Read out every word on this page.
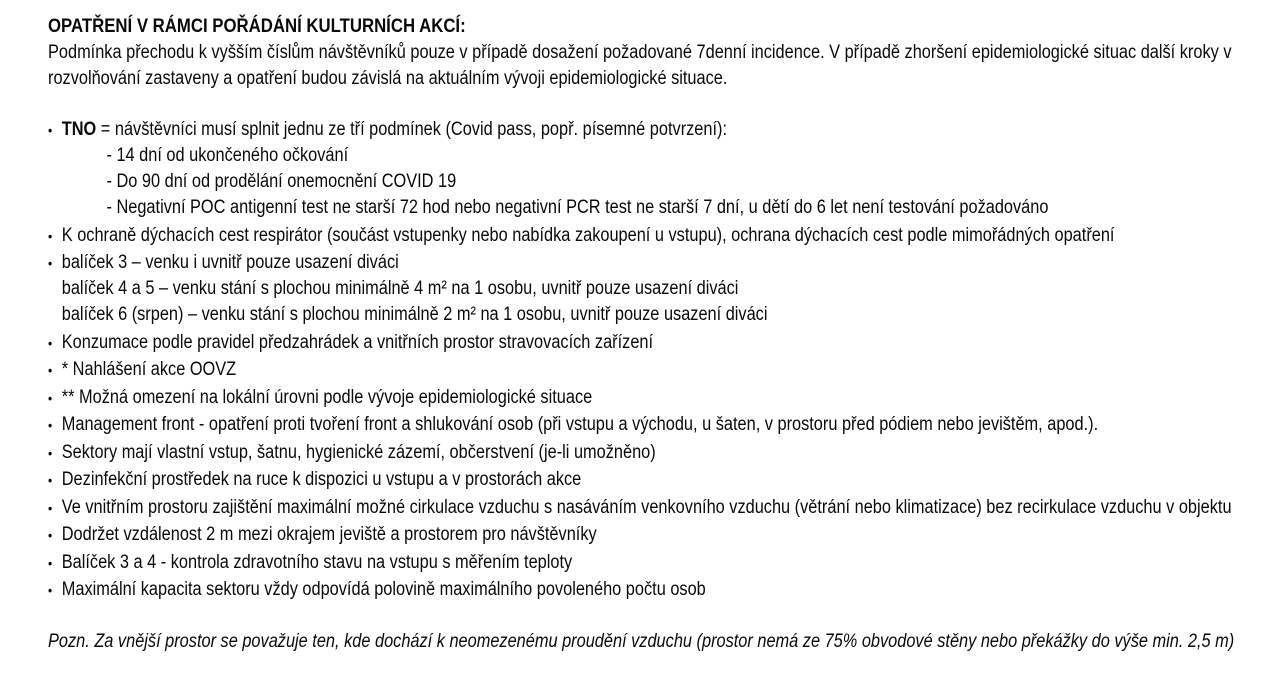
OPATŘENÍ V RÁMCI POŘÁDÁNÍ KULTURNÍCH AKCÍ:

Podmínka přechodu k vyšším číslům návštěvníků pouze v případě dosažení požadované 7denní incidence. V případě zhoršení epidemiologické situac další kroky v rozvolňování zastaveny a opatření budou závislá na aktuálním vývoji epidemiologické situace.

• TNO = návštěvníci musí splnit jednu ze tří podmínek (Covid pass, popř. písemné potvrzení):
- 14 dní od ukončeného očkování
- Do 90 dní od prodělání onemocnění COVID 19
- Negativní POC antigenní test ne starší 72 hod nebo negativní PCR test ne starší 7 dní, u dětí do 6 let není testování požadováno
• K ochraně dýchacích cest respirátor (součást vstupenky nebo nabídka zakoupení u vstupu), ochrana dýchacích cest podle mimořádných opatření
• balíček 3 – venku i uvnitř pouze usazení diváci
balíček 4 a 5 – venku stání s plochou minimálně 4 m² na 1 osobu, uvnitř pouze usazení diváci
balíček 6 (srpen) – venku stání s plochou minimálně 2 m² na 1 osobu, uvnitř pouze usazení diváci
• Konzumace podle pravidel předzahrádek a vnitřních prostor stravovacích zařízení
• * Nahlášení akce OOVZ
• ** Možná omezení na lokální úrovni podle vývoje epidemiologické situace
• Management front - opatření proti tvoření front a shlukování osob (při vstupu a východu, u šaten, v prostoru před pódiem nebo jevištěm, apod.).
• Sektory mají vlastní vstup, šatnu, hygienické zázemí, občerstvení (je-li umožněno)
• Dezinfekční prostředek na ruce k dispozici u vstupu a v prostorách akce
• Ve vnitřním prostoru zajištění maximální možné cirkulace vzduchu s nasáváním venkovního vzduchu (větrání nebo klimatizace) bez recirkulace vzduchu v objektu
• Dodržet vzdálenost 2 m mezi okrajem jeviště a prostorem pro návštěvníky
• Balíček 3 a 4 - kontrola zdravotního stavu na vstupu s měřením teploty
• Maximální kapacita sektoru vždy odpovídá polovině maximálního povoleného počtu osob

Pozn. Za vnější prostor se považuje ten, kde dochází k neomezenému proudění vzduchu (prostor nemá ze 75% obvodové stěny nebo překážky do výše min. 2,5 m)
